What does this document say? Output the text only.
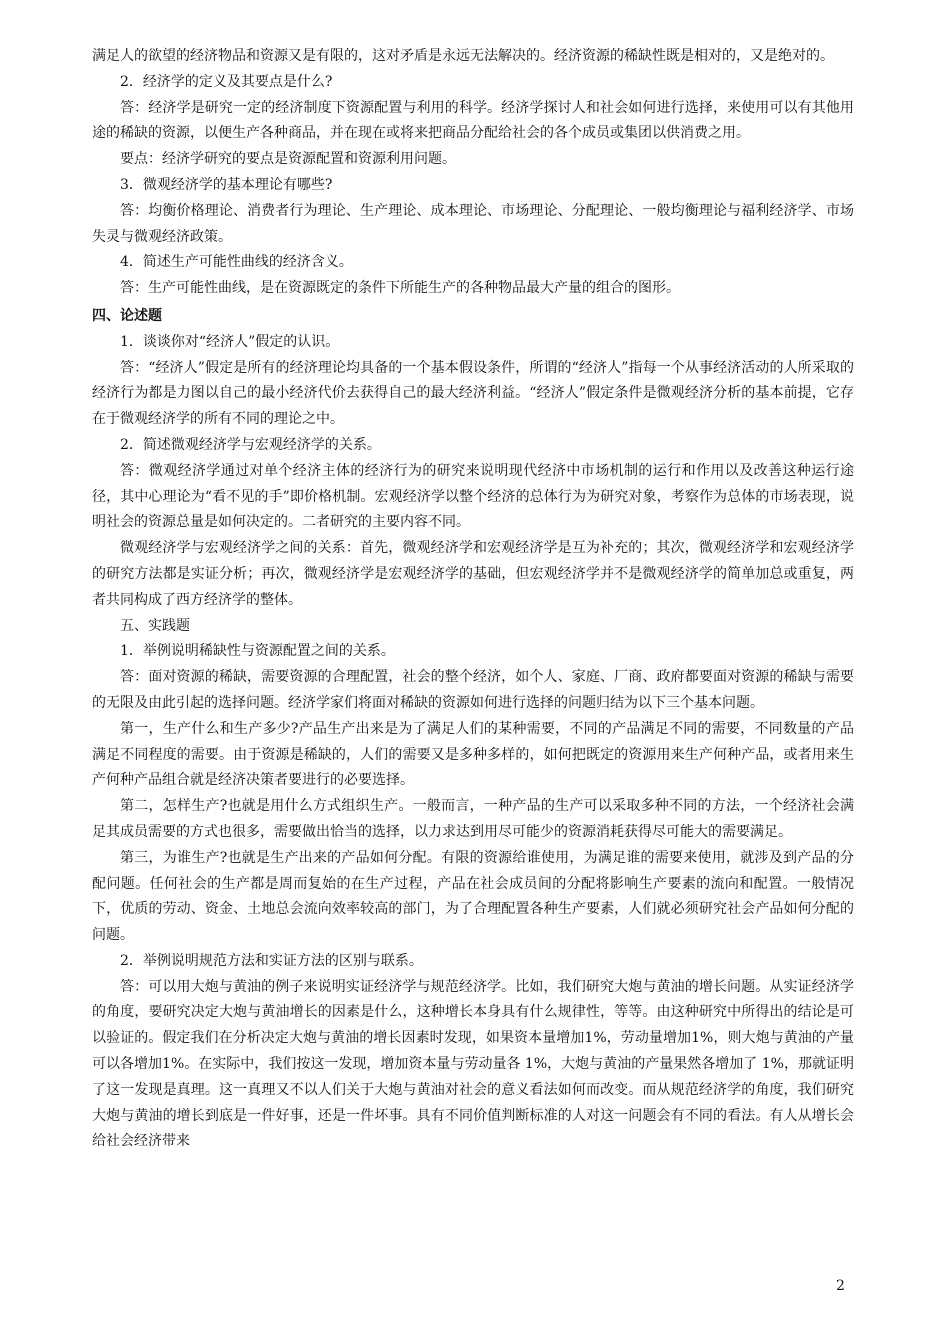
满足人的欲望的经济物品和资源又是有限的，这对矛盾是永远无法解决的。经济资源的稀缺性既是相对的，又是绝对的。

2．经济学的定义及其要点是什么?

答：经济学是研究一定的经济制度下资源配置与利用的科学。经济学探讨人和社会如何进行选择，来使用可以有其他用途的稀缺的资源，以便生产各种商品，并在现在或将来把商品分配给社会的各个成员或集团以供消费之用。

要点：经济学研究的要点是资源配置和资源利用问题。

3．微观经济学的基本理论有哪些?

答：均衡价格理论、消费者行为理论、生产理论、成本理论、市场理论、分配理论、一般均衡理论与福利经济学、市场失灵与微观经济政策。

4．简述生产可能性曲线的经济含义。

答：生产可能性曲线，是在资源既定的条件下所能生产的各种物品最大产量的组合的图形。

四、论述题

1．谈谈你对“经济人”假定的认识。

答：“经济人”假定是所有的经济理论均具备的一个基本假设条件，所谓的“经济人”指每一个从事经济活动的人所采取的经济行为都是力图以自己的最小经济代价去获得自己的最大经济利益。“经济人”假定条件是微观经济分析的基本前提，它存在于微观经济学的所有不同的理论之中。

2．简述微观经济学与宏观经济学的关系。

答：微观经济学通过对单个经济主体的经济行为的研究来说明现代经济中市场机制的运行和作用以及改善这种运行途径，其中心理论为“看不见的手”即价格机制。宏观经济学以整个经济的总体行为为研究对象，考察作为总体的市场表现，说明社会的资源总量是如何决定的。二者研究的主要内容不同。

微观经济学与宏观经济学之间的关系：首先，微观经济学和宏观经济学是互为补充的；其次，微观经济学和宏观经济学的研究方法都是实证分析；再次，微观经济学是宏观经济学的基础，但宏观经济学并不是微观经济学的简单加总或重复，两者共同构成了西方经济学的整体。

五、实践题

1．举例说明稀缺性与资源配置之间的关系。

答：面对资源的稀缺，需要资源的合理配置，社会的整个经济，如个人、家庭、厂商、政府都要面对资源的稀缺与需要的无限及由此引起的选择问题。经济学家们将面对稀缺的资源如何进行选择的问题归结为以下三个基本问题。

第一，生产什么和生产多少?产品生产出来是为了满足人们的某种需要，不同的产品满足不同的需要，不同数量的产品满足不同程度的需要。由于资源是稀缺的，人们的需要又是多种多样的，如何把既定的资源用来生产何种产品，或者用来生产何种产品组合就是经济决策者要进行的必要选择。

第二，怎样生产?也就是用什么方式组织生产。一般而言，一种产品的生产可以采取多种不同的方法，一个经济社会满足其成员需要的方式也很多，需要做出恰当的选择，以力求达到用尽可能少的资源消耗获得尽可能大的需要满足。

第三，为谁生产?也就是生产出来的产品如何分配。有限的资源给谁使用，为满足谁的需要来使用，就涉及到产品的分配问题。任何社会的生产都是周而复始的在生产过程，产品在社会成员间的分配将影响生产要素的流向和配置。一般情况下，优质的劳动、资金、土地总会流向效率较高的部门，为了合理配置各种生产要素，人们就必须研究社会产品如何分配的问题。

2．举例说明规范方法和实证方法的区别与联系。

答：可以用大炮与黄油的例子来说明实证经济学与规范经济学。比如，我们研究大炮与黄油的增长问题。从实证经济学的角度，要研究决定大炮与黄油增长的因素是什么，这种增长本身具有什么规律性，等等。由这种研究中所得出的结论是可以验证的。假定我们在分析决定大炮与黄油的增长因素时发现，如果资本量增加1%，劳动量增加1%，则大炮与黄油的产量可以各增加1%。在实际中，我们按这一发现，增加资本量与劳动量各 1%，大炮与黄油的产量果然各增加了 1%，那就证明了这一发现是真理。这一真理又不以人们关于大炮与黄油对社会的意义看法如何而改变。而从规范经济学的角度，我们研究大炮与黄油的增长到底是一件好事，还是一件坏事。具有不同价值判断标准的人对这一问题会有不同的看法。有人从增长会给社会经济带来

2
